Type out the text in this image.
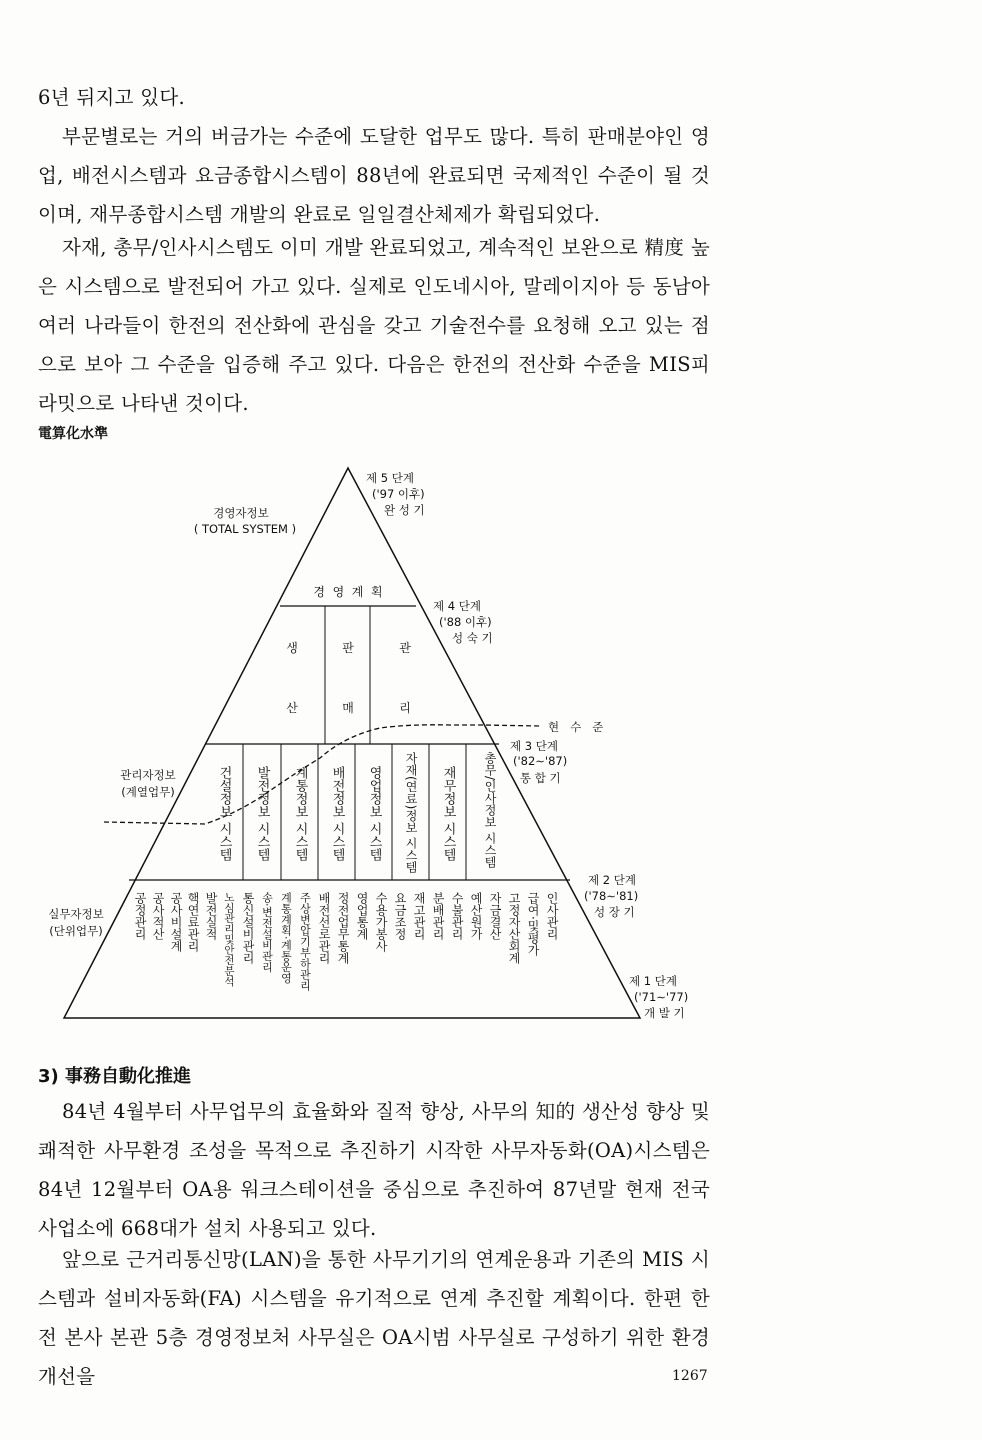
6년 뒤지고 있다.

부문별로는 거의 버금가는 수준에 도달한 업무도 많다. 특히 판매분야인 영업, 배전시스템과 요금종합시스템이 88년에 완료되면 국제적인 수준이 될 것이며, 재무종합시스템 개발의 완료로 일일결산체제가 확립되었다.

자재, 총무/인사시스템도 이미 개발 완료되었고, 계속적인 보완으로 精度 높은 시스템으로 발전되어 가고 있다. 실제로 인도네시아, 말레이지아 등 동남아 여러 나라들이 한전의 전산화에 관심을 갖고 기술전수를 요청해 오고 있는 점으로 보아 그 수준을 입증해 주고 있다. 다음은 한전의 전산화 수준을 MIS피라밋으로 나타낸 것이다.

電算化水準
경영자정보
( TOTAL SYSTEM )
관리자정보
(계열업무)
실무자정보
(단위업무)
제 5 단계
('97 이후)
완 성 기
제 4 단계
('88 이후)
성 숙 기
제 3 단계
('82∼'87)
통 합 기
제 2 단계
('78∼'81)
성 장 기
제 1 단계
('71∼'77)
개 발 기
현   수   준
경  영  계  획
생
산
판
매
관
리
건설정보 시스템 발전정보 시스템 계통정보 시스템 배전정보 시스템 영업정보 시스템 자재(연료)정보 시스템 재무정보 시스템 총무/인사정보 시스템
공정관리 공사적산 공사비설계 핵연료관리 발전실적 노심관리및안전분석 통신설비관리 송·변전설비관리 계통계획·계통운영 주상변압기부하관리 배전선로관리 정전업무통계 영업통계 수용가봉사 요금조정 재고관리 분배관리 수불관리 예산원가 자금결산 고정자산회계 급여·및평가 인사관리
3) 事務自動化推進

84년 4월부터 사무업무의 효율화와 질적 향상, 사무의 知的 생산성 향상 및 쾌적한 사무환경 조성을 목적으로 추진하기 시작한 사무자동화(OA)시스템은 84년 12월부터 OA용 워크스테이션을 중심으로 추진하여 87년말 현재 전국사업소에 668대가 설치 사용되고 있다.

앞으로 근거리통신망(LAN)을 통한 사무기기의 연계운용과 기존의 MIS 시스템과 설비자동화(FA) 시스템을 유기적으로 연계 추진할 계획이다. 한편 한전 본사 본관 5층 경영정보처 사무실은 OA시범 사무실로 구성하기 위한 환경개선을	1267
